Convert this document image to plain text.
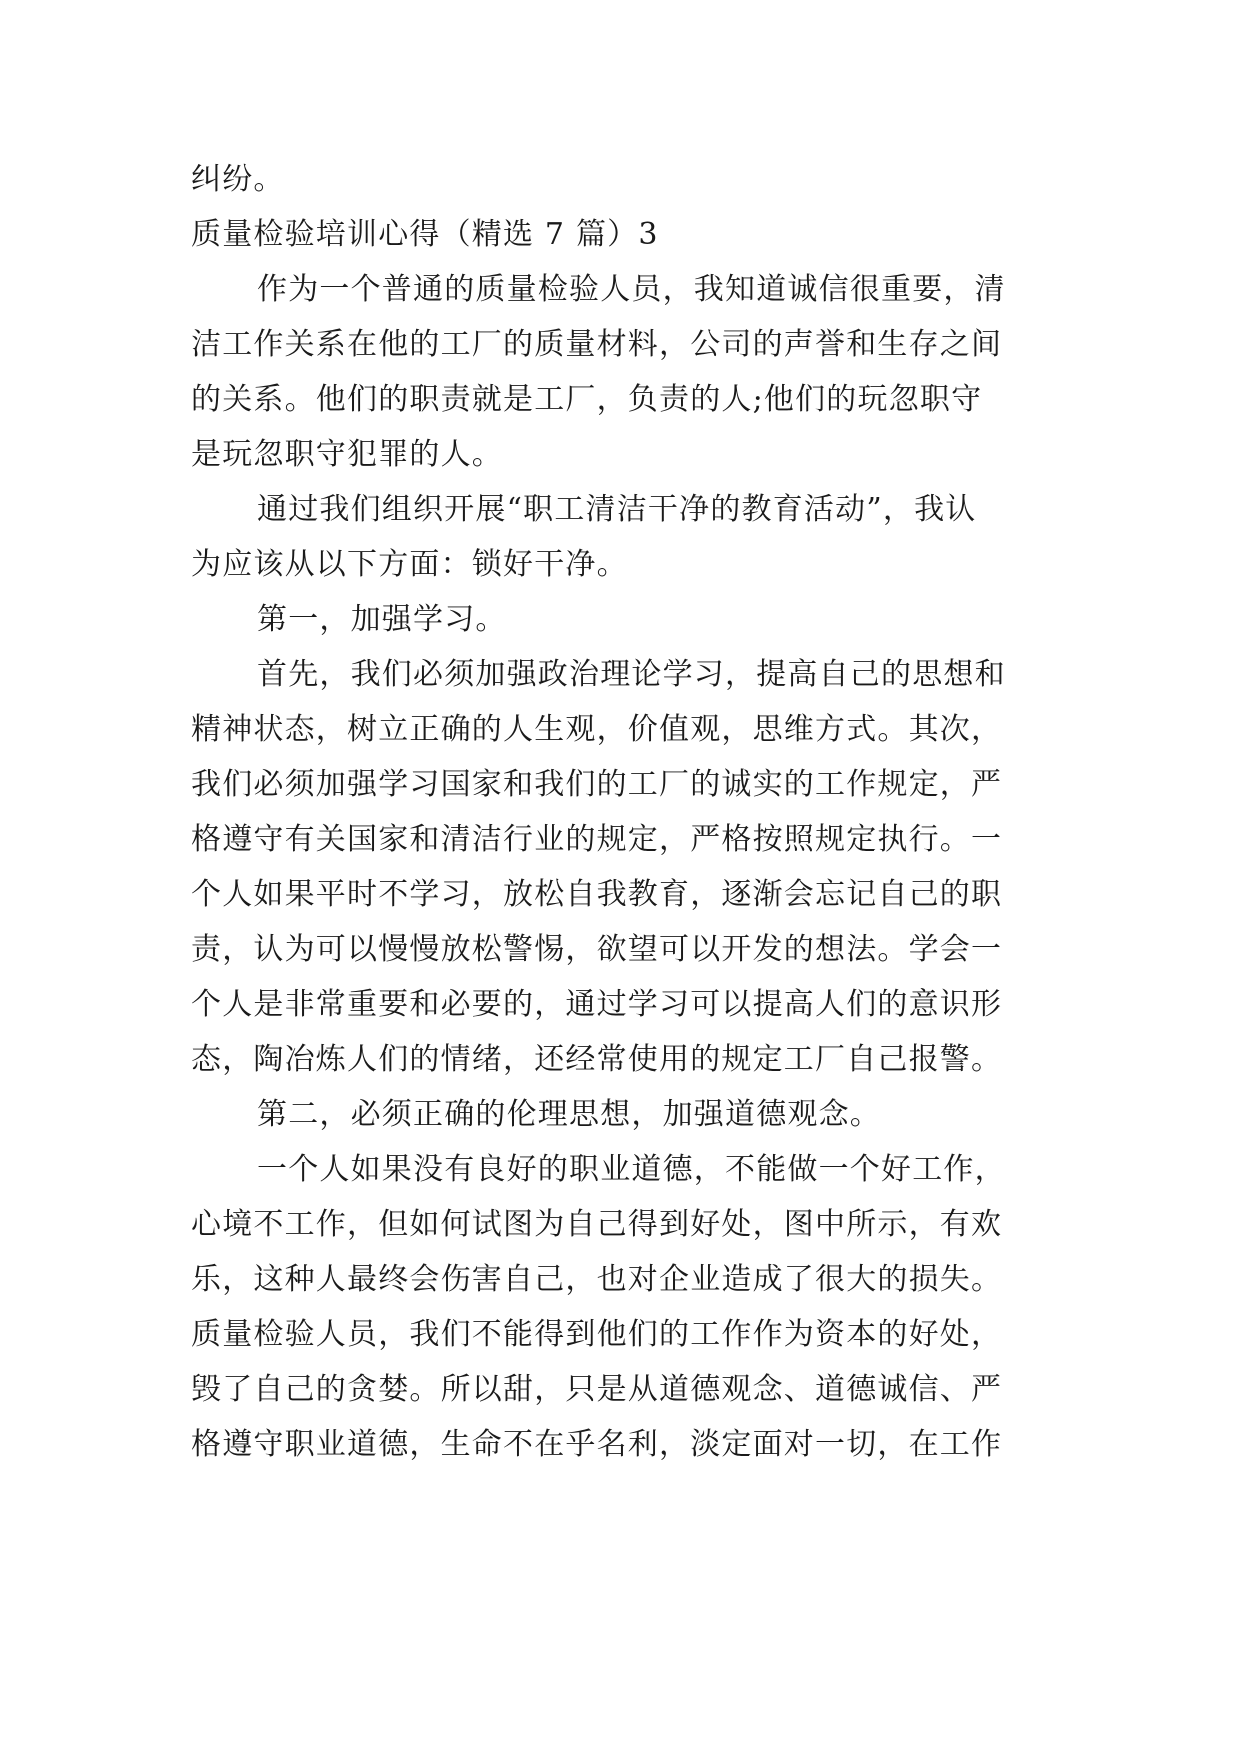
纠纷。
质量检验培训心得（精选 7 篇）3
作为一个普通的质量检验人员，我知道诚信很重要，清
洁工作关系在他的工厂的质量材料，公司的声誉和生存之间
的关系。他们的职责就是工厂，负责的人;他们的玩忽职守
是玩忽职守犯罪的人。
通过我们组织开展“职工清洁干净的教育活动”，我认
为应该从以下方面：锁好干净。
第一，加强学习。
首先，我们必须加强政治理论学习，提高自己的思想和
精神状态，树立正确的人生观，价值观，思维方式。其次，
我们必须加强学习国家和我们的工厂的诚实的工作规定，严
格遵守有关国家和清洁行业的规定，严格按照规定执行。一
个人如果平时不学习，放松自我教育，逐渐会忘记自己的职
责，认为可以慢慢放松警惕，欲望可以开发的想法。学会一
个人是非常重要和必要的，通过学习可以提高人们的意识形
态，陶冶炼人们的情绪，还经常使用的规定工厂自己报警。
第二，必须正确的伦理思想，加强道德观念。
一个人如果没有良好的职业道德，不能做一个好工作，
心境不工作，但如何试图为自己得到好处，图中所示，有欢
乐，这种人最终会伤害自己，也对企业造成了很大的损失。
质量检验人员，我们不能得到他们的工作作为资本的好处，
毁了自己的贪婪。所以甜，只是从道德观念、道德诚信、严
格遵守职业道德，生命不在乎名利，淡定面对一切，在工作
